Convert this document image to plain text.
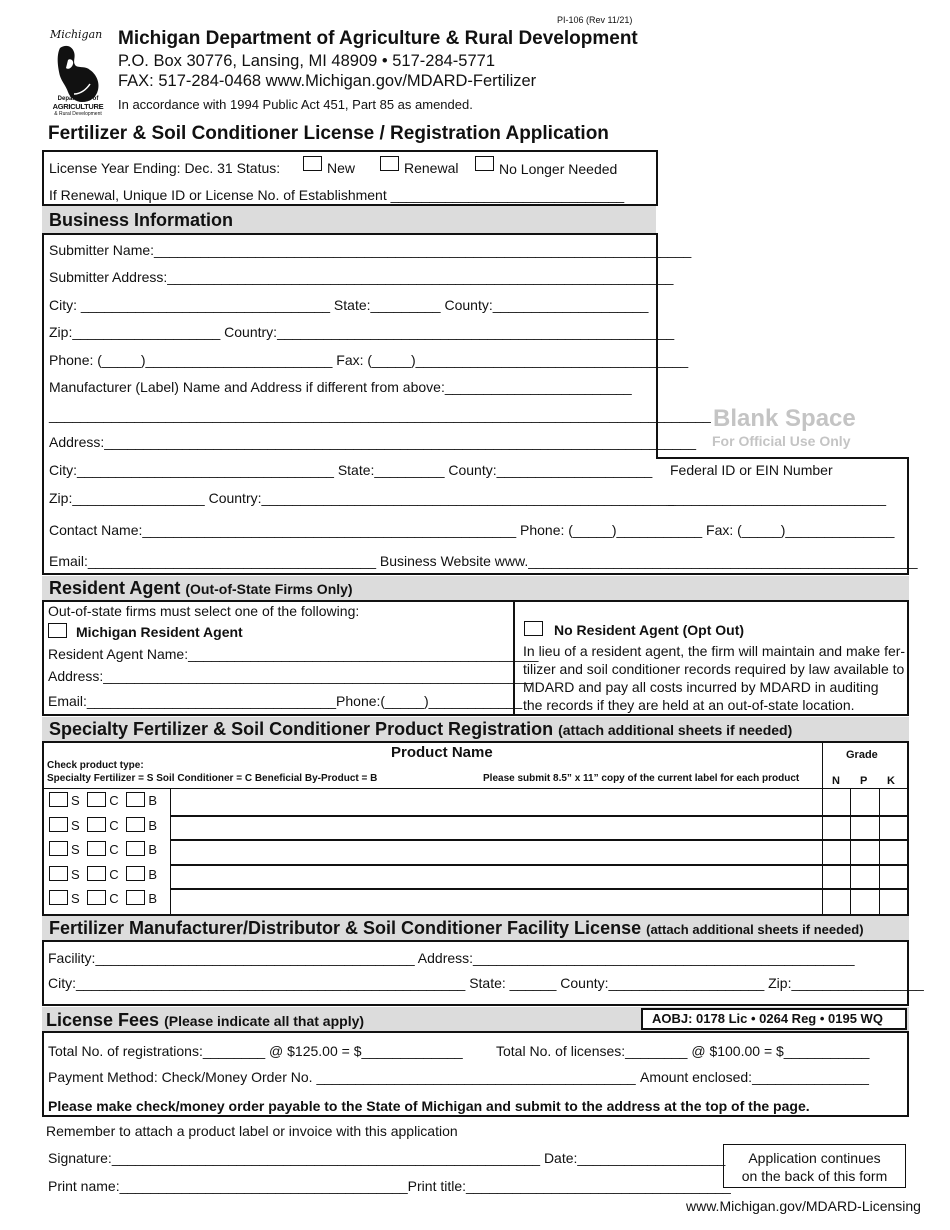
PI-106 (Rev 11/21)
Michigan
Department of
AGRICULTURE
& Rural Development
Michigan Department of Agriculture & Rural Development
P.O. Box 30776, Lansing, MI 48909 • 517-284-5771
FAX: 517-284-0468 www.Michigan.gov/MDARD-Fertilizer
In accordance with 1994 Public Act 451, Part 85 as amended.
Fertilizer & Soil Conditioner License / Registration Application
License Year Ending: Dec. 31 Status:	New	Renewal	No Longer Needed
If Renewal, Unique ID or License No. of Establishment ______________________________
Business Information
Submitter Name:_____________________________________________________________________
Submitter Address:_________________________________________________________________
City: ________________________________ State:_________ County:____________________
Zip:___________________ Country:___________________________________________________
Phone: (_____)________________________ Fax: (_____)___________________________________
Manufacturer (Label) Name and Address if different from above:________________________
_____________________________________________________________________________________
Address:____________________________________________________________________________
City:_________________________________ State:_________ County:____________________
Zip:_________________ Country:_____________________________________________________
Contact Name:________________________________________________ Phone: (_____)___________ Fax: (_____)______________
Email:_____________________________________ Business Website www.__________________________________________________
Blank Space
For Official Use Only
Federal ID or EIN Number
____________________________
Resident Agent (Out-of-State Firms Only)
Out-of-state firms must select one of the following:
Michigan Resident Agent
Resident Agent Name:_____________________________________________
Address:_______________________________________________________
Email:________________________________Phone:(_____)____________
No Resident Agent (Opt Out)
In lieu of a resident agent, the firm will maintain and make fer-
tilizer and soil conditioner records required by law available to
MDARD and pay all costs incurred by MDARD in auditing
the records if they are held at an out-of-state location.
Specialty Fertilizer & Soil Conditioner Product Registration (attach additional sheets if needed)
Product Name
Check product type:
Specialty Fertilizer = S Soil Conditioner = C Beneficial By-Product = B	Please submit 8.5” x 11” copy of the current label for each product
Grade
N P K
S C B
S C B
S C B
S C B
S C B
Fertilizer Manufacturer/Distributor & Soil Conditioner Facility License (attach additional sheets if needed)
Facility:_________________________________________ Address:_________________________________________________
City:__________________________________________________ State: ______ County:____________________ Zip:_________________
License Fees (Please indicate all that apply)	AOBJ: 0178 Lic • 0264 Reg • 0195 WQ
Total No. of registrations:________ @ $125.00 = $_____________ Total No. of licenses:________ @ $100.00 = $___________
Payment Method: Check/Money Order No. _________________________________________ Amount enclosed:_______________
Please make check/money order payable to the State of Michigan and submit to the address at the top of the page.
Remember to attach a product label or invoice with this application
Signature:_______________________________________________________ Date:___________________
Print name:_____________________________________Print title:__________________________________
Application continues
on the back of this form
www.Michigan.gov/MDARD-Licensing
